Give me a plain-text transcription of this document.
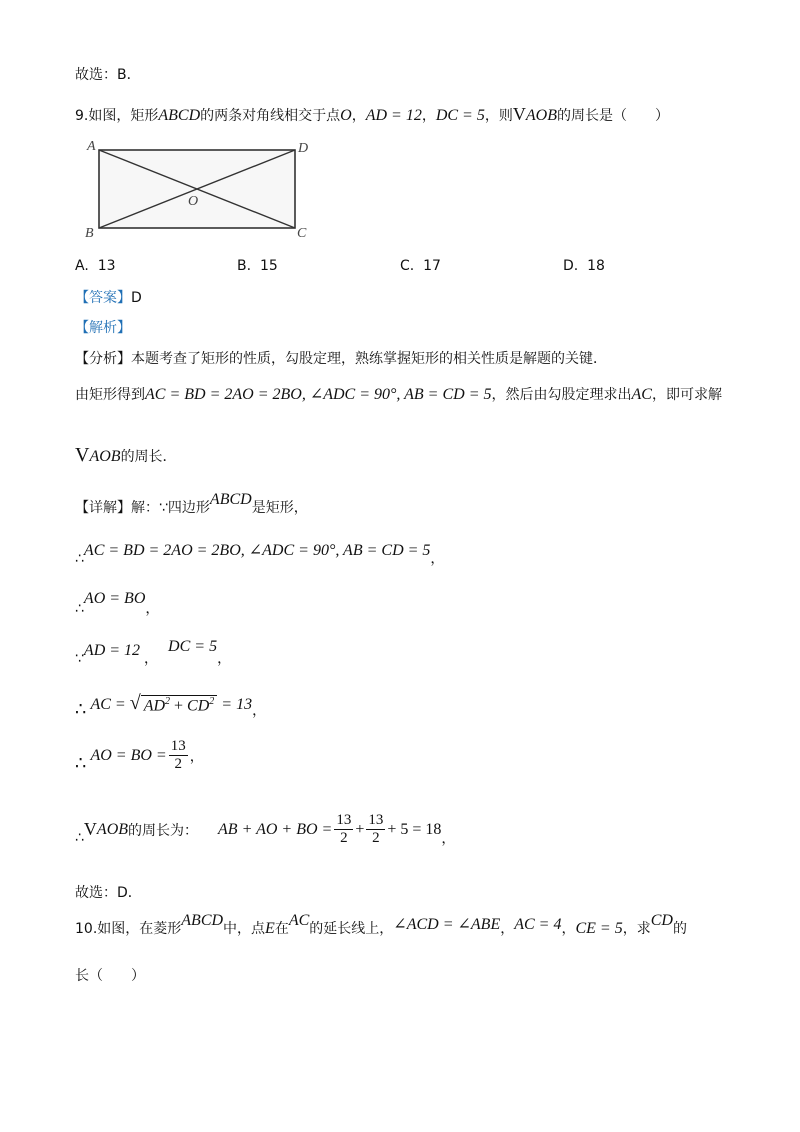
故选：B．
9. 如图，矩形 ABCD 的两条对角线相交于点 O ， AD = 12 ， DC = 5 ，则 V AOB 的周长是（　　）
A	D
B	C
O
A. 13	B. 15	C. 17	D. 18
【答案】D
【解析】
【分析】本题考查了矩形的性质，勾股定理，熟练掌握矩形的相关性质是解题的关键．
由矩形得到 AC = BD = 2AO = 2BO, ∠ADC = 90°, AB = CD = 5 ，然后由勾股定理求出 AC ，即可求解
V AOB 的周长．
【详解】 解：∵四边形 ABCD 是矩形，
∴ AC = BD = 2AO = 2BO, ∠ADC = 90°, AB = CD = 5 ，
∴
AO = BO
，
∵ AD = 12 ，
DC = 5
，
∴ AC = √ $AD^2 + CD^2 = 13$ ，
∴ AO = BO = $\frac{13}{2}$ ，
∴ V AOB 的周长为： AB + AO + BO = $\frac{13}{2} + \frac{13}{2} + 5 = 18$
，
故选：D．
10. 如图，在菱形 ABCD 中，点 E 在 AC 的延长线上， ∠ACD = ∠ABE ， AC = 4 ， CE = 5 ，求 CD 的
长（　　）
